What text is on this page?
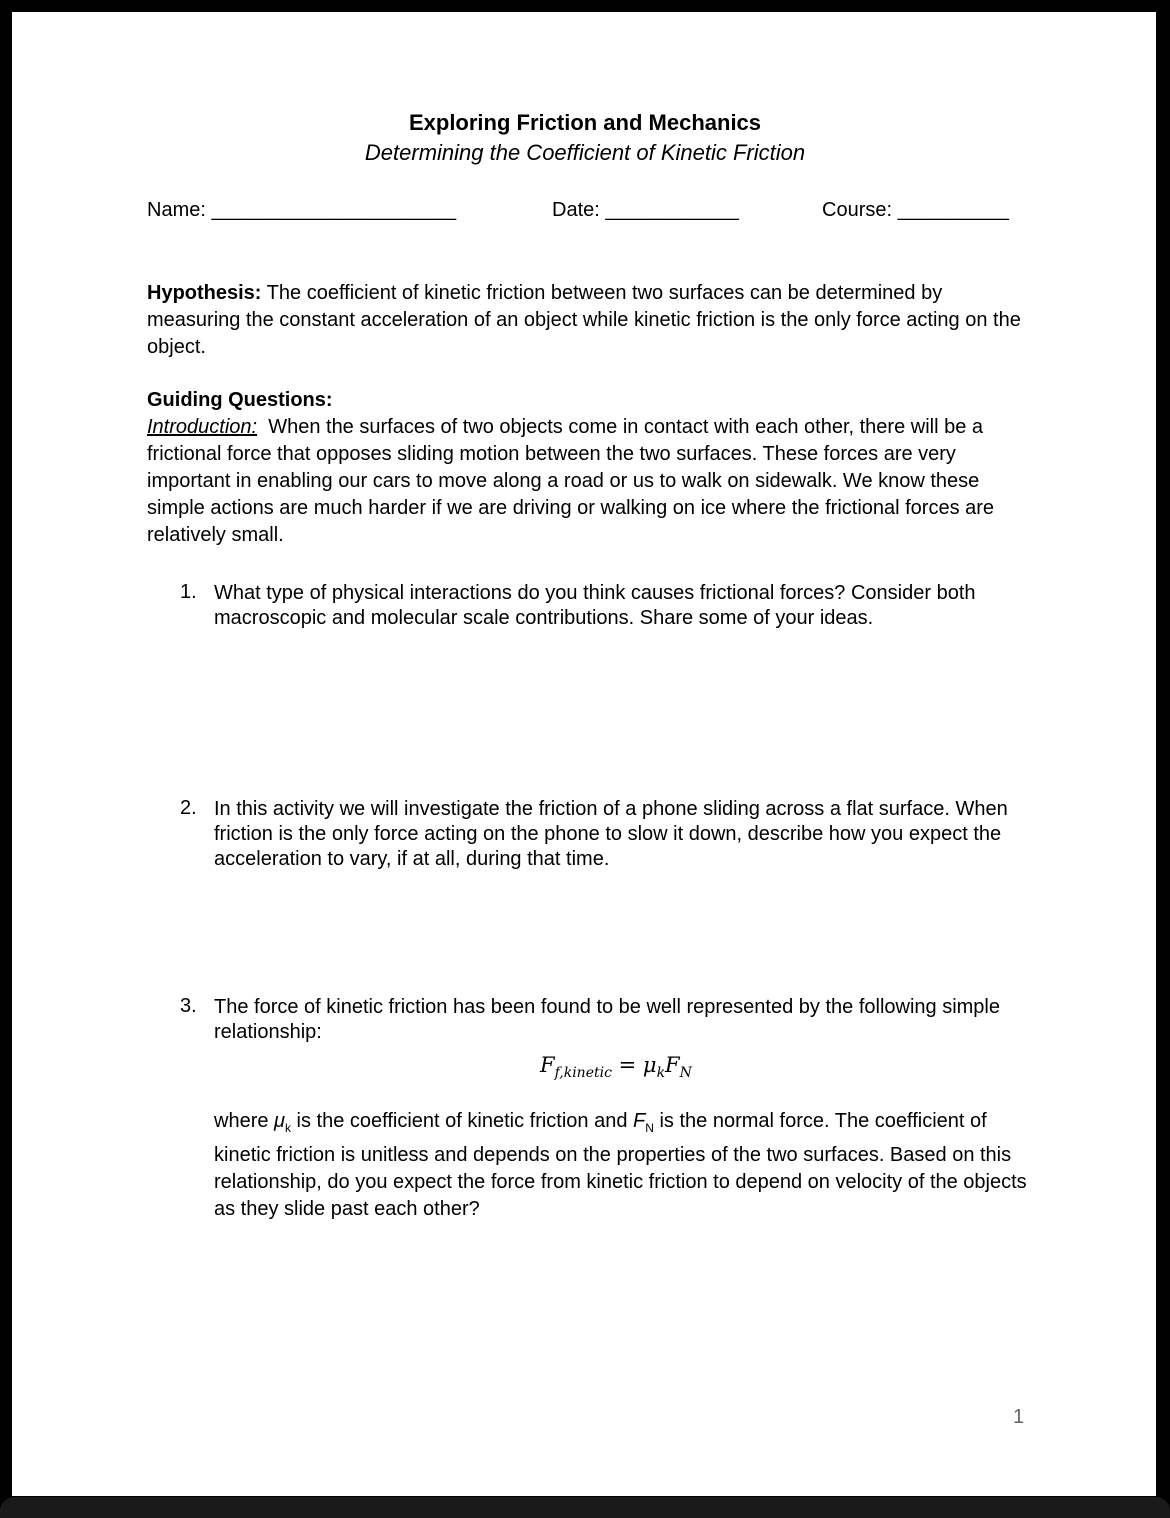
Exploring Friction and Mechanics
Determining the Coefficient of Kinetic Friction
Name: ______________________	Date: ____________	Course: __________

Hypothesis: The coefficient of kinetic friction between two surfaces can be determined by measuring the constant acceleration of an object while kinetic friction is the only force acting on the object.

Guiding Questions:
Introduction: When the surfaces of two objects come in contact with each other, there will be a frictional force that opposes sliding motion between the two surfaces. These forces are very important in enabling our cars to move along a road or us to walk on sidewalk. We know these simple actions are much harder if we are driving or walking on ice where the frictional forces are relatively small.

1. What type of physical interactions do you think causes frictional forces? Consider both macroscopic and molecular scale contributions. Share some of your ideas.
2. In this activity we will investigate the friction of a phone sliding across a flat surface. When friction is the only force acting on the phone to slow it down, describe how you expect the acceleration to vary, if at all, during that time.
3. The force of kinetic friction has been found to be well represented by the following simple relationship:
$F_{f,kinetic} = \mu_kF_N$

where $\mu_k$ is the coefficient of kinetic friction and $F_N$ is the normal force. The coefficient of kinetic friction is unitless and depends on the properties of the two surfaces. Based on this relationship, do you expect the force from kinetic friction to depend on velocity of the objects as they slide past each other?

1
